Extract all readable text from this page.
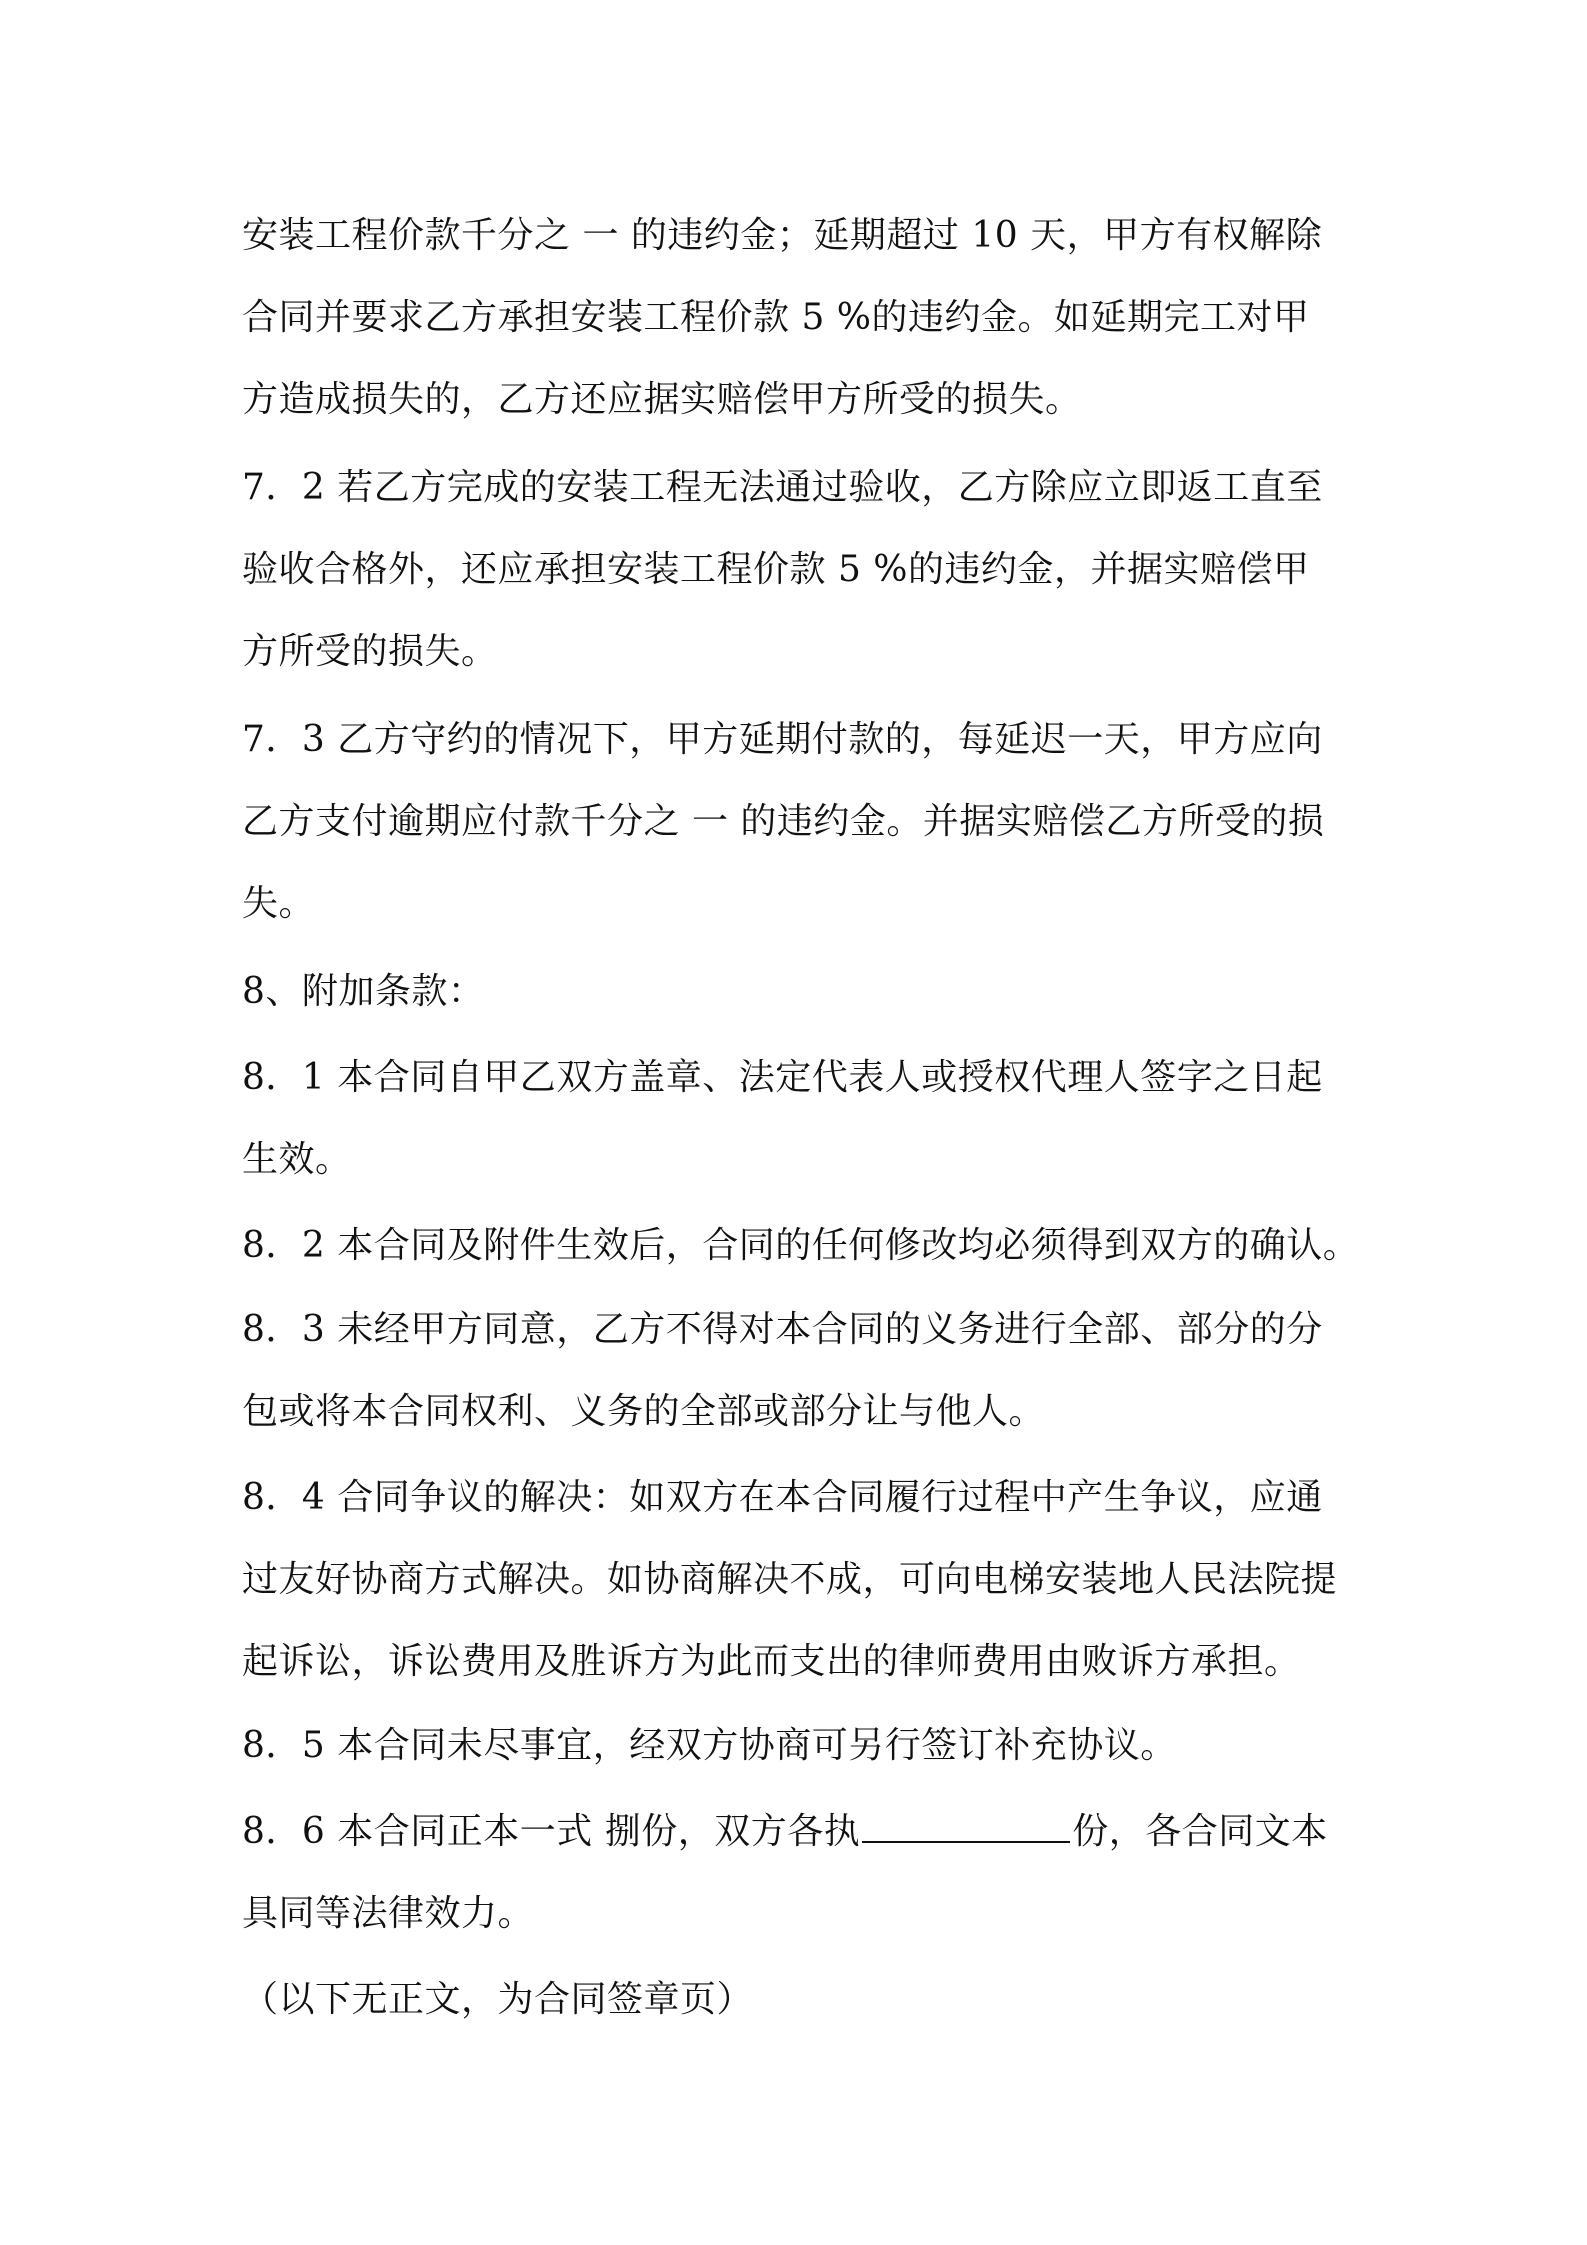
安装工程价款千分之 一 的违约金；延期超过 10 天，甲方有权解除
合同并要求乙方承担安装工程价款 5 %的违约金。如延期完工对甲
方造成损失的，乙方还应据实赔偿甲方所受的损失。
7．2 若乙方完成的安装工程无法通过验收，乙方除应立即返工直至
验收合格外，还应承担安装工程价款 5 %的违约金，并据实赔偿甲
方所受的损失。
7．3 乙方守约的情况下，甲方延期付款的，每延迟一天，甲方应向
乙方支付逾期应付款千分之 一 的违约金。并据实赔偿乙方所受的损
失。
8、附加条款：
8．1 本合同自甲乙双方盖章、法定代表人或授权代理人签字之日起
生效。
8．2 本合同及附件生效后，合同的任何修改均必须得到双方的确认。
8．3 未经甲方同意，乙方不得对本合同的义务进行全部、部分的分
包或将本合同权利、义务的全部或部分让与他人。
8．4 合同争议的解决：如双方在本合同履行过程中产生争议，应通
过友好协商方式解决。如协商解决不成，可向电梯安装地人民法院提
起诉讼，诉讼费用及胜诉方为此而支出的律师费用由败诉方承担。
8．5 本合同未尽事宜，经双方协商可另行签订补充协议。
8．6 本合同正本一式 捌份，双方各执	份，各合同文本
具同等法律效力。
（以下无正文，为合同签章页）
